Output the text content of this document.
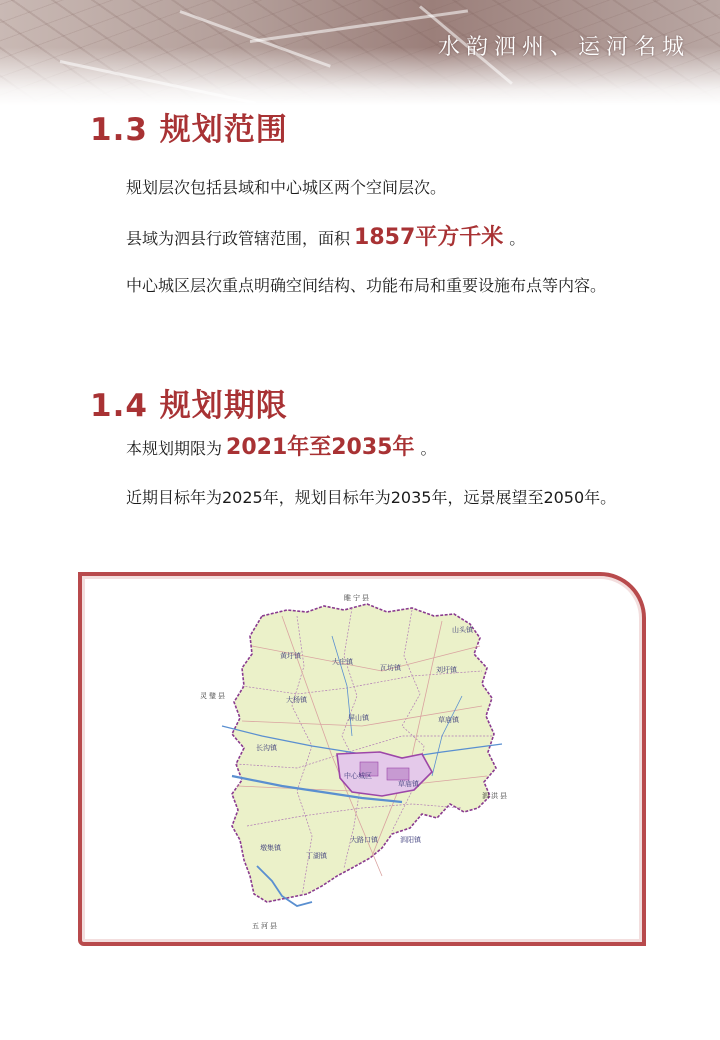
水韵泗州、运河名城
1.3 规划范围

规划层次包括县域和中心城区两个空间层次。

县域为泗县行政管辖范围，面积 1857平方千米 。

中心城区层次重点明确空间结构、功能布局和重要设施布点等内容。

1.4 规划期限

本规划期限为 2021年至2035年 。

近期目标年为2025年，规划目标年为2035年，远景展望至2050年。

睢宁县
灵璧县
泗洪县
五河县
山头镇
黄圩镇
大庄镇
瓦坊镇	刘圩镇
大杨镇
屏山镇	草庙镇
长沟镇
中心城区
草庙镇
墩集镇
丁湖镇
大路口镇	泗阳镇
